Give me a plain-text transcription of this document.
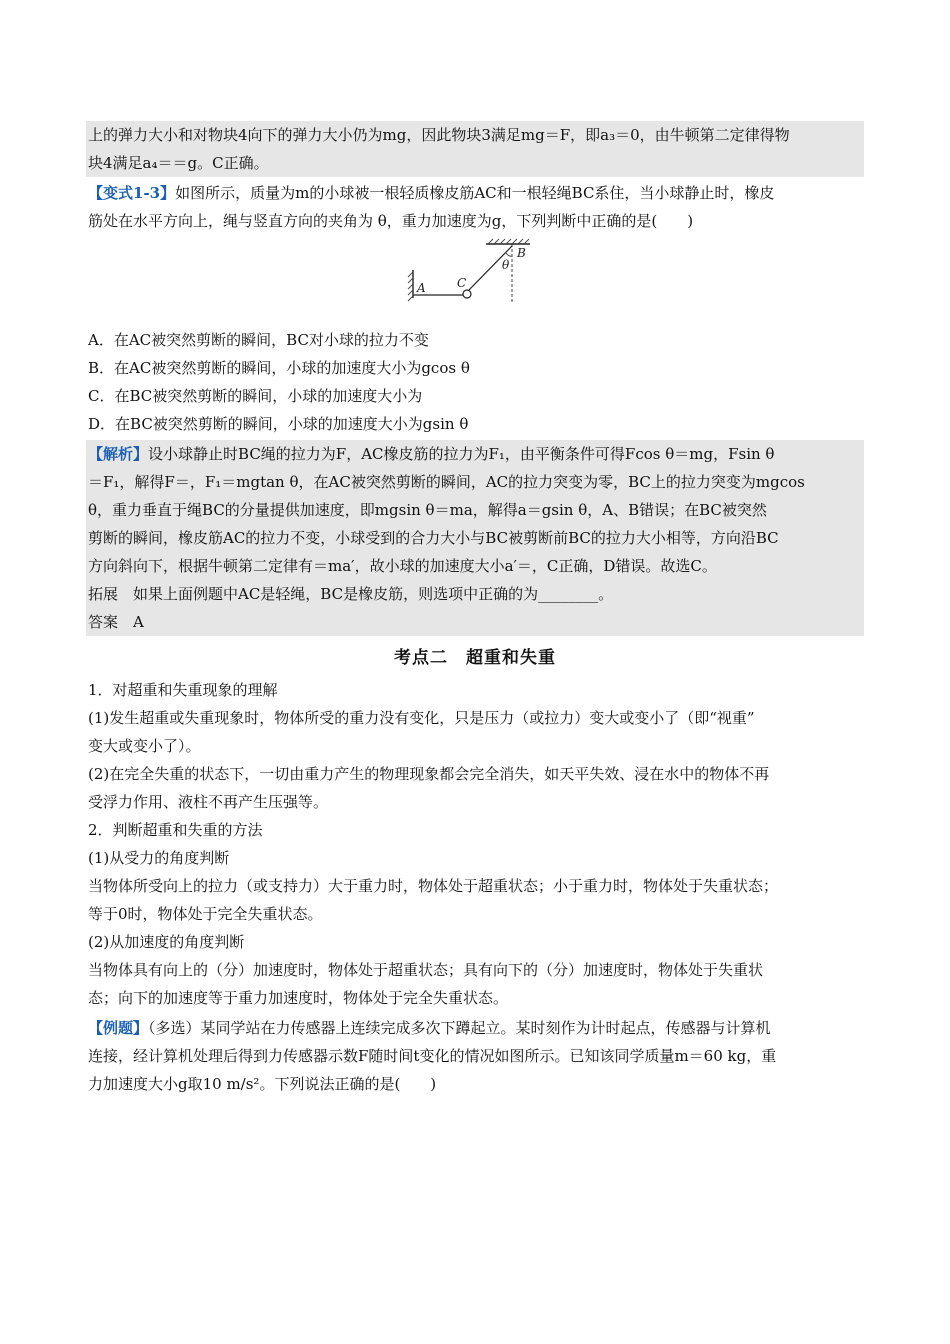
上的弹力大小和对物块4向下的弹力大小仍为mg，因此物块3满足mg＝F，即a₃＝0，由牛顿第二定律得物
块4满足a₄＝＝g。C正确。
【变式1-3】如图所示，质量为m的小球被一根轻质橡皮筋AC和一根轻绳BC系住，当小球静止时，橡皮
筋处在水平方向上，绳与竖直方向的夹角为 θ，重力加速度为g，下列判断中正确的是(　　)
A	C
B
θ
A．在AC被突然剪断的瞬间，BC对小球的拉力不变
B．在AC被突然剪断的瞬间，小球的加速度大小为gcos θ
C．在BC被突然剪断的瞬间，小球的加速度大小为
D．在BC被突然剪断的瞬间，小球的加速度大小为gsin θ
【解析】设小球静止时BC绳的拉力为F，AC橡皮筋的拉力为F₁，由平衡条件可得Fcos θ＝mg，Fsin θ
＝F₁，解得F＝，F₁＝mgtan θ，在AC被突然剪断的瞬间，AC的拉力突变为零，BC上的拉力突变为mgcos
θ，重力垂直于绳BC的分量提供加速度，即mgsin θ＝ma，解得a＝gsin θ，A、B错误；在BC被突然
剪断的瞬间，橡皮筋AC的拉力不变，小球受到的合力大小与BC被剪断前BC的拉力大小相等，方向沿BC
方向斜向下，根据牛顿第二定律有＝ma′，故小球的加速度大小a′＝，C正确，D错误。故选C。
拓展　如果上面例题中AC是轻绳，BC是橡皮筋，则选项中正确的为________。
答案　A
考点二　超重和失重
1．对超重和失重现象的理解
(1)发生超重或失重现象时，物体所受的重力没有变化，只是压力（或拉力）变大或变小了（即“视重”
变大或变小了）。
(2)在完全失重的状态下，一切由重力产生的物理现象都会完全消失，如天平失效、浸在水中的物体不再
受浮力作用、液柱不再产生压强等。
2．判断超重和失重的方法
(1)从受力的角度判断
当物体所受向上的拉力（或支持力）大于重力时，物体处于超重状态；小于重力时，物体处于失重状态；
等于0时，物体处于完全失重状态。
(2)从加速度的角度判断
当物体具有向上的（分）加速度时，物体处于超重状态；具有向下的（分）加速度时，物体处于失重状
态；向下的加速度等于重力加速度时，物体处于完全失重状态。
【例题】（多选）某同学站在力传感器上连续完成多次下蹲起立。某时刻作为计时起点，传感器与计算机
连接，经计算机处理后得到力传感器示数F随时间t变化的情况如图所示。已知该同学质量m＝60 kg，重
力加速度大小g取10 m/s²。下列说法正确的是(　　)
